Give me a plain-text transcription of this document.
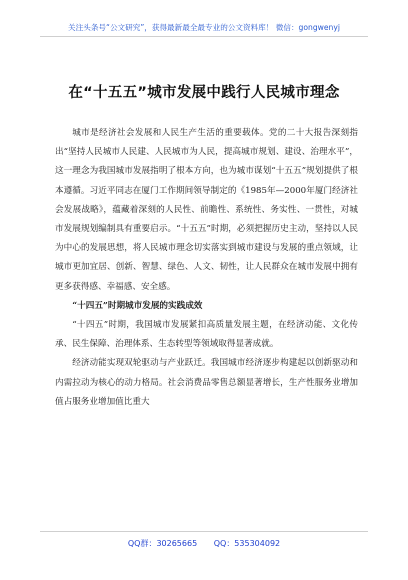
关注头条号“公文研究”，获得最新最全最专业的公文资料库！ 微信：gongwenyj
在“十五五”城市发展中践行人民城市理念

城市是经济社会发展和人民生产生活的重要载体。党的二十大报告深刻指出“坚持人民城市人民建、人民城市为人民，提高城市规划、建设、治理水平”，这一理念为我国城市发展指明了根本方向，也为城市谋划“十五五”规划提供了根本遵循。习近平同志在厦门工作期间领导制定的《1985年—2000年厦门经济社会发展战略》，蕴藏着深刻的人民性、前瞻性、系统性、务实性、一贯性，对城市发展规划编制具有重要启示。“十五五”时期，必须把握历史主动，坚持以人民为中心的发展思想，将人民城市理念切实落实到城市建设与发展的重点领域，让城市更加宜居、创新、智慧、绿色、人文、韧性，让人民群众在城市发展中拥有更多获得感、幸福感、安全感。

“十四五”时期城市发展的实践成效

“十四五”时期，我国城市发展紧扣高质量发展主题，在经济动能、文化传承、民生保障、治理体系、生态转型等领域取得显著成就。

经济动能实现双轮驱动与产业跃迁。我国城市经济逐步构建起以创新驱动和内需拉动为核心的动力格局。社会消费品零售总额显著增长，生产性服务业增加值占服务业增加值比重大

QQ群：30265665 QQ：535304092
